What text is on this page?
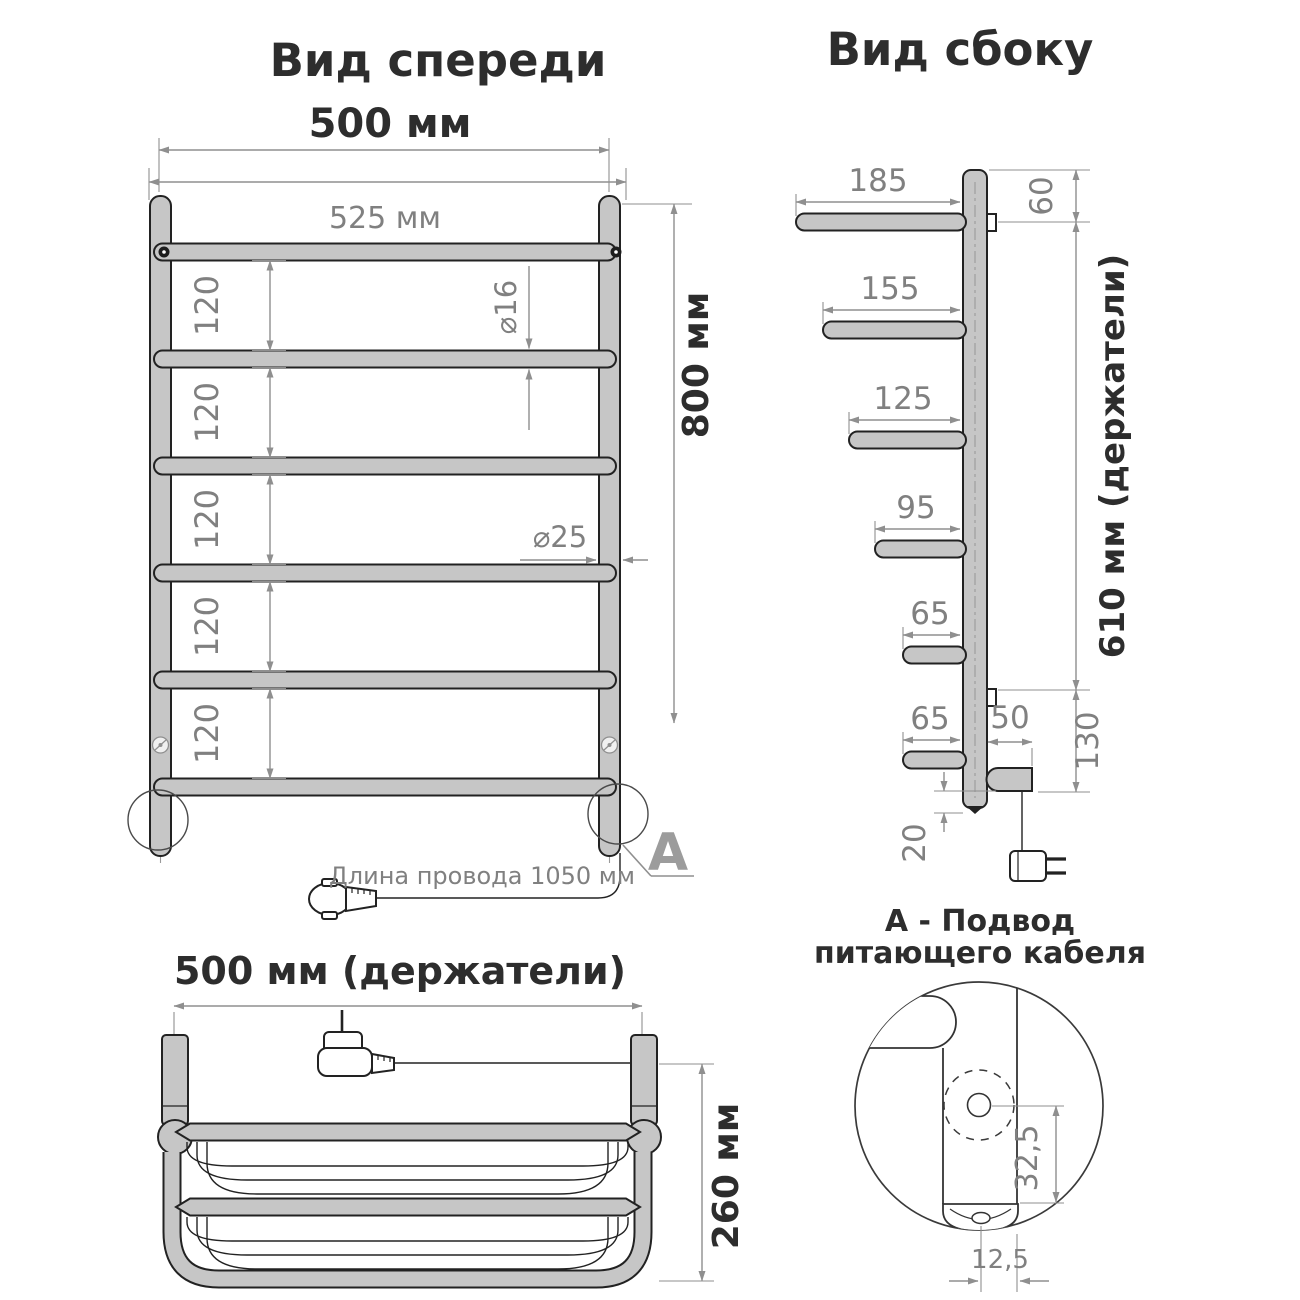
Вид спереди
500 мм
525 мм
120
120
120
120
120
⌀16
⌀25
800 мм
Длина провода 1050 мм А
Вид сбоку
185
155
125
95
65
65
60
610 мм (держатели)
130
50
20
500 мм (держатели)
260 мм
А - Подвод
питающего кабеля
32,5
12,5
